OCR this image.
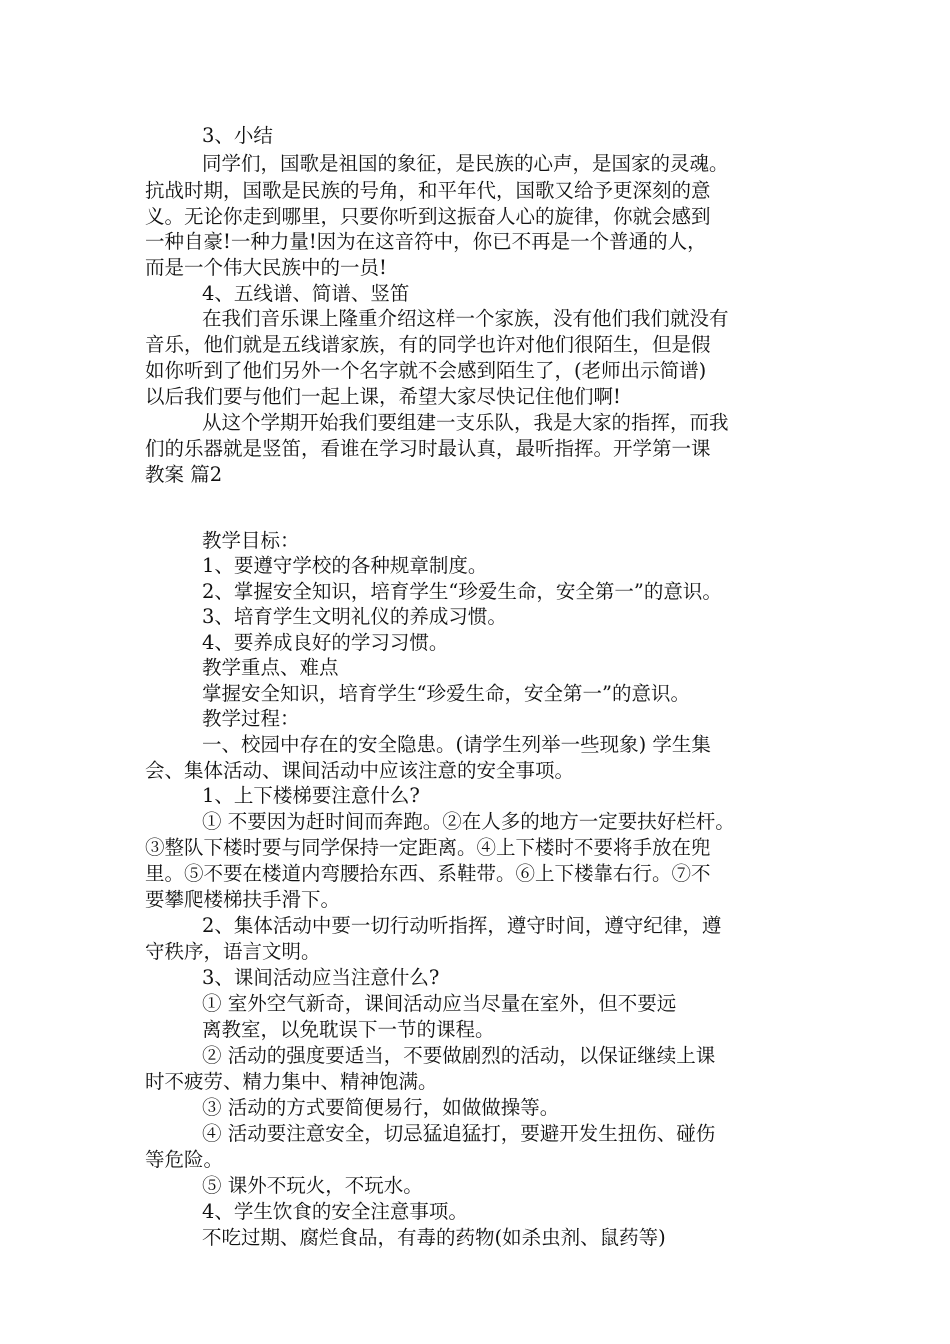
3、小结
同学们，国歌是祖国的象征，是民族的心声，是国家的灵魂。
抗战时期，国歌是民族的号角，和平年代，国歌又给予更深刻的意
义。无论你走到哪里，只要你听到这振奋人心的旋律，你就会感到
一种自豪!一种力量!因为在这音符中，你已不再是一个普通的人，
而是一个伟大民族中的一员!
4、五线谱、简谱、竖笛
在我们音乐课上隆重介绍这样一个家族，没有他们我们就没有
音乐，他们就是五线谱家族，有的同学也许对他们很陌生，但是假
如你听到了他们另外一个名字就不会感到陌生了，(老师出示简谱)
以后我们要与他们一起上课，希望大家尽快记住他们啊!
从这个学期开始我们要组建一支乐队，我是大家的指挥，而我
们的乐器就是竖笛，看谁在学习时最认真，最听指挥。开学第一课
教案 篇2
教学目标：
1、要遵守学校的各种规章制度。
2、掌握安全知识，培育学生“珍爱生命，安全第一”的意识。
3、培育学生文明礼仪的养成习惯。
4、要养成良好的学习习惯。
教学重点、难点
掌握安全知识，培育学生“珍爱生命，安全第一”的意识。
教学过程：
一、校园中存在的安全隐患。(请学生列举一些现象) 学生集
会、集体活动、课间活动中应该注意的安全事项。
1、上下楼梯要注意什么?
① 不要因为赶时间而奔跑。②在人多的地方一定要扶好栏杆。
③整队下楼时要与同学保持一定距离。④上下楼时不要将手放在兜
里。⑤不要在楼道内弯腰拾东西、系鞋带。⑥上下楼靠右行。⑦不
要攀爬楼梯扶手滑下。
2、集体活动中要一切行动听指挥，遵守时间，遵守纪律，遵
守秩序，语言文明。
3、课间活动应当注意什么?
① 室外空气新奇，课间活动应当尽量在室外，但不要远
离教室，以免耽误下一节的课程。
② 活动的强度要适当，不要做剧烈的活动，以保证继续上课
时不疲劳、精力集中、精神饱满。
③ 活动的方式要简便易行，如做做操等。
④ 活动要注意安全，切忌猛追猛打，要避开发生扭伤、碰伤
等危险。
⑤ 课外不玩火，不玩水。
4、学生饮食的安全注意事项。
不吃过期、腐烂食品，有毒的药物(如杀虫剂、鼠药等)
